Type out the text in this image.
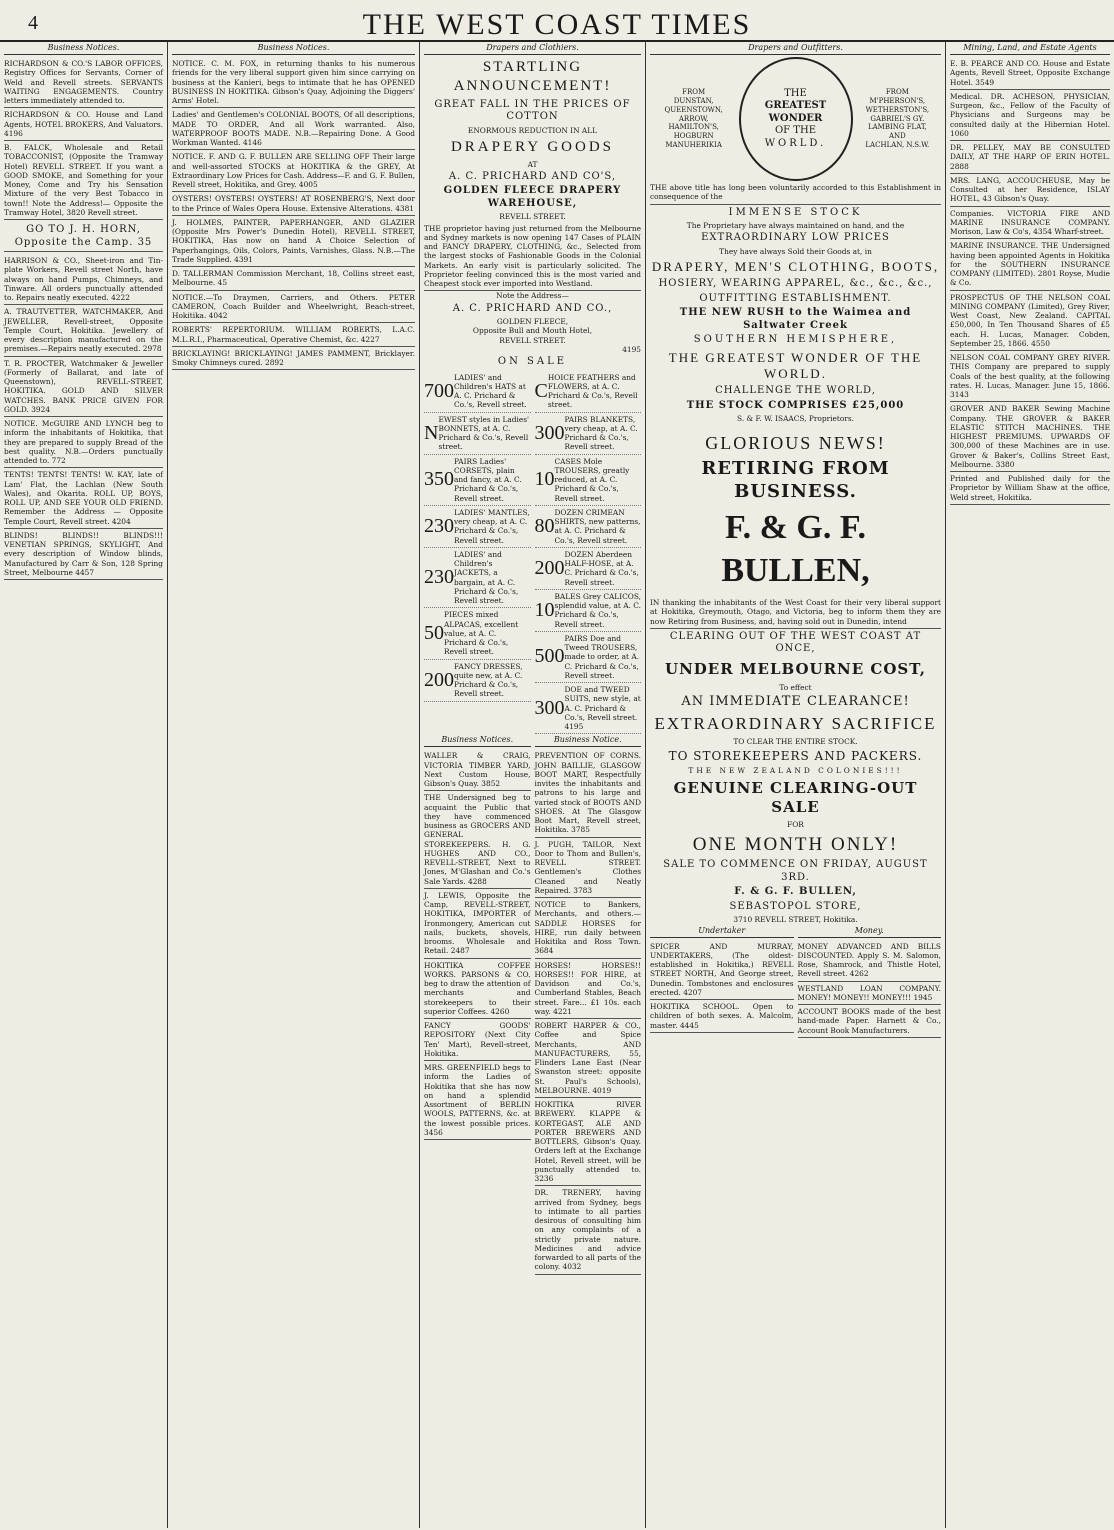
4	THE WEST COAST TIMES
Business Notices.
RICHARDSON & CO.'S LABOR OFFICES, Registry Offices for Servants, Corner of Weld and Revell streets. SERVANTS WAITING ENGAGEMENTS. Country letters immediately attended to.
RICHARDSON & CO. House and Land Agents, HOTEL BROKERS, And Valuators. 4196
B. FALCK, Wholesale and Retail TOBACCONIST, (Opposite the Tramway Hotel) REVELL STREET. If you want a GOOD SMOKE, and Something for your Money, Come and Try his Sensation Mixture of the very Best Tobacco in town!! Note the Address!— Opposite the Tramway Hotel, 3820 Revell street.
GO TO J. H. HORN, Opposite the Camp. 35
HARRISON & CO., Sheet-iron and Tin-plate Workers, Revell street North, have always on hand Pumps, Chimneys, and Tinware. All orders punctually attended to. Repairs neatly executed. 4222
A. TRAUTVETTER, WATCHMAKER, And JEWELLER, Revell-street, Opposite Temple Court, Hokitika. Jewellery of every description manufactured on the premises.—Repairs neatly executed. 2978
T. R. PROCTER, Watchmaker & Jeweller (Formerly of Ballarat, and late of Queenstown), REVELL-STREET, HOKITIKA. GOLD AND SILVER WATCHES. BANK PRICE GIVEN FOR GOLD. 3924
NOTICE. McGUIRE AND LYNCH beg to inform the inhabitants of Hokitika, that they are prepared to supply Bread of the best quality. N.B.—Orders punctually attended to. 772
TENTS! TENTS! TENTS! W. KAY, late of Lam' Flat, the Lachlan (New South Wales), and Okarita. ROLL UP, BOYS, ROLL UP, AND SEE YOUR OLD FRIEND. Remember the Address — Opposite Temple Court, Revell street. 4204
BLINDS! BLINDS!! BLINDS!!! VENETIAN SPRINGS, SKYLIGHT, And every description of Window blinds, Manufactured by Carr & Son, 128 Spring Street, Melbourne 4457
Business Notices.
NOTICE. C. M. FOX, in returning thanks to his numerous friends for the very liberal support given him since carrying on business at the Kanieri, begs to intimate that he has OPENED BUSINESS IN HOKITIKA. Gibson's Quay, Adjoining the Diggers' Arms' Hotel.
Ladies' and Gentlemen's COLONIAL BOOTS, Of all descriptions, MADE TO ORDER, And all Work warranted. Also, WATERPROOF BOOTS MADE. N.B.—Repairing Done. A Good Workman Wanted. 4146
NOTICE. F. AND G. F. BULLEN ARE SELLING OFF Their large and well-assorted STOCKS at HOKITIKA & the GREY, At Extraordinary Low Prices for Cash. Address—F. and G. F. Bullen, Revell street, Hokitika, and Grey. 4005
OYSTERS! OYSTERS! OYSTERS! AT ROSENBERG'S, Next door to the Prince of Wales Opera House. Extensive Alterations. 4381
J. HOLMES, PAINTER, PAPERHANGER, AND GLAZIER (Opposite Mrs Power's Dunedin Hotel), REVELL STREET, HOKITIKA, Has now on hand A Choice Selection of Paperhangings, Oils, Colors, Paints, Varnishes, Glass. N.B.—The Trade Supplied. 4391
D. TALLERMAN Commission Merchant, 18, Collins street east, Melbourne. 45
NOTICE.—To Draymen, Carriers, and Others. PETER CAMERON, Coach Builder and Wheelwright, Beach-street, Hokitika. 4042
ROBERTS' REPERTORIUM. WILLIAM ROBERTS, L.A.C. M.L.R.I., Pharmaceutical, Operative Chemist, &c. 4227
BRICKLAYING! BRICKLAYING! JAMES PAMMENT, Bricklayer. Smoky Chimneys cured. 2892
Drapers and Clothiers.
STARTLING ANNOUNCEMENT!
GREAT FALL IN THE PRICES OF COTTON
ENORMOUS REDUCTION IN ALL
DRAPERY GOODS
AT
A. C. PRICHARD AND CO'S,
GOLDEN FLEECE DRAPERY WAREHOUSE,
REVELL STREET.
THE proprietor having just returned from the Melbourne and Sydney markets is now opening 147 Cases of PLAIN and FANCY DRAPERY, CLOTHING, &c., Selected from the largest stocks of Fashionable Goods in the Colonial Markets. An early visit is particularly solicited. The Proprietor feeling convinced this is the most varied and Cheapest stock ever imported into Westland.
Note the Address—
A. C. PRICHARD AND CO.,
GOLDEN FLEECE,
Opposite Bull and Mouth Hotel,
REVELL STREET.
4195
ON SALE
700
LADIES' and Children's HATS at A. C. Prichard & Co.'s, Revell street.
N
EWEST styles in Ladies' BONNETS, at A. C. Prichard & Co.'s, Revell street.
350
PAIRS Ladies' CORSETS, plain and fancy, at A. C. Prichard & Co.'s, Revell street.
230
LADIES' MANTLES, very cheap, at A. C. Prichard & Co.'s, Revell street.
230
LADIES' and Children's JACKETS, a bargain, at A. C. Prichard & Co.'s, Revell street.
50
PIECES mixed ALPACAS, excellent value, at A. C. Prichard & Co.'s, Revell street.
200
FANCY DRESSES, quite new, at A. C. Prichard & Co.'s, Revell street.
C
HOICE FEATHERS and FLOWERS, at A. C. Prichard & Co.'s, Revell street.
300
PAIRS BLANKETS, very cheap, at A. C. Prichard & Co.'s, Revell street.
10
CASES Mole TROUSERS, greatly reduced, at A. C. Prichard & Co.'s, Revell street.
80
DOZEN CRIMEAN SHIRTS, new patterns, at A. C. Prichard & Co.'s, Revell street.
200
DOZEN Aberdeen HALF-HOSE, at A. C. Prichard & Co.'s, Revell street.
10
BALES Grey CALICOS, splendid value, at A. C. Prichard & Co.'s, Revell street.
500
PAIRS Doe and Tweed TROUSERS, made to order, at A. C. Prichard & Co.'s, Revell street.
300
DOE and TWEED SUITS, new style, at A. C. Prichard & Co.'s, Revell street. 4195
Business Notices.
WALLER & CRAIG, VICTORIA TIMBER YARD, Next Custom House, Gibson's Quay. 3852
THE Undersigned beg to acquaint the Public that they have commenced business as GROCERS AND GENERAL STOREKEEPERS. H. G. HUGHES AND CO., REVELL-STREET, Next to Jones, M'Glashan and Co.'s Sale Yards. 4288
J. LEWIS, Opposite the Camp, REVELL-STREET, HOKITIKA, IMPORTER of Ironmongery, American cut nails, buckets, shovels, brooms. Wholesale and Retail. 2487
HOKITIKA COFFEE WORKS. PARSONS & CO. beg to draw the attention of merchants and storekeepers to their superior Coffees. 4260
FANCY GOODS' REPOSITORY (Next City Ten' Mart), Revell-street, Hokitika.
MRS. GREENFIELD begs to inform the Ladies of Hokitika that she has now on hand a splendid Assortment of BERLIN WOOLS, PATTERNS, &c. at the lowest possible prices. 3456
Business Notice.
PREVENTION OF CORNS. JOHN BAILLIE, GLASGOW BOOT MART, Respectfully invites the inhabitants and patrons to his large and varied stock of BOOTS AND SHOES. At The Glasgow Boot Mart, Revell street, Hokitika. 3785
J. PUGH, TAILOR, Next Door to Thom and Bullen's, REVELL STREET. Gentlemen's Clothes Cleaned and Neatly Repaired. 3783
NOTICE to Bankers, Merchants, and others.—SADDLE HORSES for HIRE, run daily between Hokitika and Ross Town. 3684
HORSES! HORSES!! HORSES!! FOR HIRE, at Davidson and Co.'s, Cumberland Stables, Beach street. Fare... £1 10s. each way. 4221
ROBERT HARPER & CO., Coffee and Spice Merchants, AND MANUFACTURERS, 55, Flinders Lane East (Near Swanston street: opposite St. Paul's Schools), MELBOURNE. 4019
HOKITIKA RIVER BREWERY. KLAPPE & KORTEGAST, ALE AND PORTER BREWERS AND BOTTLERS, Gibson's Quay. Orders left at the Exchange Hotel, Revell street, will be punctually attended to. 3236
DR. TRENERY, having arrived from Sydney, begs to intimate to all parties desirous of consulting him on any complaints of a strictly private nature. Medicines and advice forwarded to all parts of the colony. 4032
Drapers and Outfitters.
FROM
DUNSTAN,
QUEENSTOWN,
ARROW,
HAMILTON'S,
HOGBURN
MANUHERIKIA
THE
GREATEST WONDER
OF THE
WORLD.
FROM
M'PHERSON'S,
WETHERSTON'S,
GABRIEL'S GY.
LAMBING FLAT,
AND
LACHLAN, N.S.W.
THE above title has long been voluntarily accorded to this Establishment in consequence of the
IMMENSE STOCK
The Proprietary have always maintained on hand, and the
EXTRAORDINARY LOW PRICES
They have always Sold their Goods at, in
DRAPERY, MEN'S CLOTHING, BOOTS,
HOSIERY, WEARING APPAREL, &c., &c., &c.,
OUTFITTING ESTABLISHMENT.
THE NEW RUSH to the Waimea and Saltwater Creek
SOUTHERN HEMISPHERE,
THE GREATEST WONDER OF THE WORLD.
CHALLENGE THE WORLD,
THE STOCK COMPRISES £25,000
S. & F. W. ISAACS, Proprietors.
GLORIOUS NEWS!
RETIRING FROM BUSINESS.
F. & G. F. BULLEN,
IN thanking the inhabitants of the West Coast for their very liberal support at Hokitika, Greymouth, Otago, and Victoria, beg to inform them they are now Retiring from Business, and, having sold out in Dunedin, intend
CLEARING OUT OF THE WEST COAST AT ONCE,
UNDER MELBOURNE COST,
To effect
AN IMMEDIATE CLEARANCE!
EXTRAORDINARY SACRIFICE
TO CLEAR THE ENTIRE STOCK.
TO STOREKEEPERS AND PACKERS.
THE NEW ZEALAND COLONIES!!!
GENUINE CLEARING-OUT SALE
FOR
ONE MONTH ONLY!
SALE TO COMMENCE ON FRIDAY, AUGUST 3RD.
F. & G. F. BULLEN,
SEBASTOPOL STORE,
3710 REVELL STREET, Hokitika.
Undertaker
SPICER AND MURRAY, UNDERTAKERS, (The oldest-established in Hokitika,) REVELL STREET NORTH, And George street, Dunedin. Tombstones and enclosures erected. 4207
HOKITIKA SCHOOL. Open to children of both sexes. A. Malcolm, master. 4445
Money.
MONEY ADVANCED AND BILLS DISCOUNTED. Apply S. M. Salomon, Rose, Shamrock, and Thistle Hotel, Revell street. 4262
WESTLAND LOAN COMPANY. MONEY! MONEY!! MONEY!!! 1945
ACCOUNT BOOKS made of the best hand-made Paper. Harnett & Co., Account Book Manufacturers.
Mining, Land, and Estate Agents
E. B. PEARCE AND CO. House and Estate Agents, Revell Street, Opposite Exchange Hotel. 3549
Medical. DR. ACHESON, PHYSICIAN, Surgeon, &c., Fellow of the Faculty of Physicians and Surgeons may be consulted daily at the Hibernian Hotel. 1060
DR. PELLEY, MAY BE CONSULTED DAILY, AT THE HARP OF ERIN HOTEL. 2888
MRS. LANG, ACCOUCHEUSE, May be Consulted at her Residence, ISLAY HOTEL, 43 Gibson's Quay.
Companies. VICTORIA FIRE AND MARINE INSURANCE COMPANY. Morison, Law & Co's, 4354 Wharf-street.
MARINE INSURANCE. THE Undersigned having been appointed Agents in Hokitika for the SOUTHERN INSURANCE COMPANY (LIMITED). 2801 Royse, Mudie & Co.
PROSPECTUS OF THE NELSON COAL MINING COMPANY (Limited), Grey River, West Coast, New Zealand. CAPITAL £50,000, In Ten Thousand Shares of £5 each. H. Lucas, Manager. Cobden, September 25, 1866. 4550
NELSON COAL COMPANY GREY RIVER. THIS Company are prepared to supply Coals of the best quality, at the following rates. H. Lucas, Manager. June 15, 1866. 3143
GROVER AND BAKER Sewing Machine Company. THE GROVER & BAKER ELASTIC STITCH MACHINES. THE HIGHEST PREMIUMS. UPWARDS OF 300,000 of these Machines are in use. Grover & Baker's, Collins Street East, Melbourne. 3380
Printed and Published daily for the Proprietor by William Shaw at the office, Weld street, Hokitika.
